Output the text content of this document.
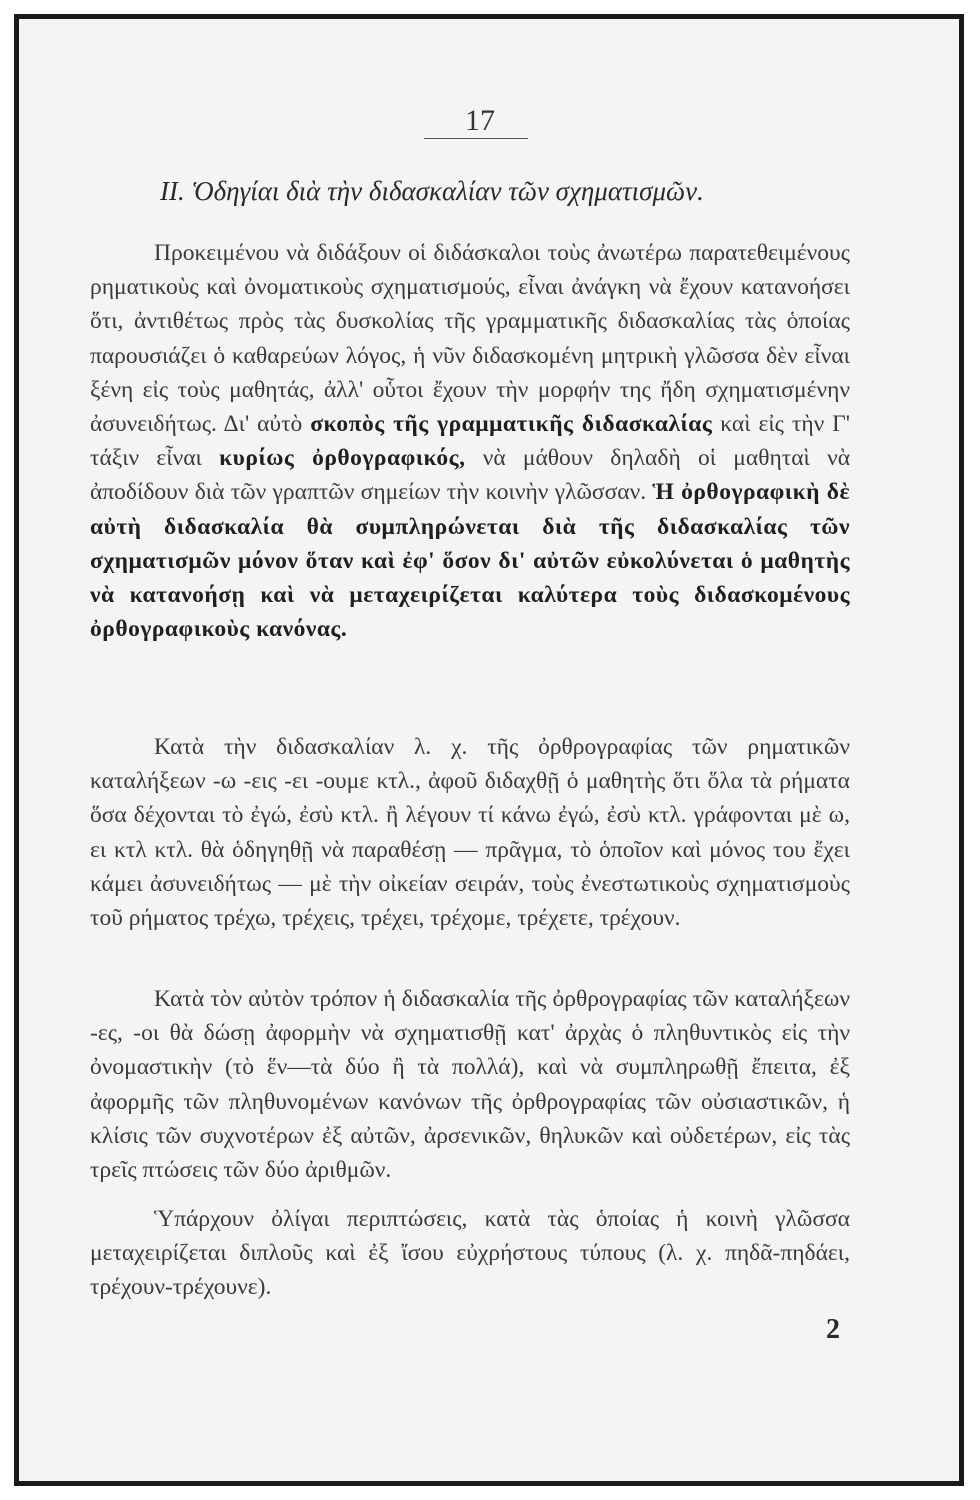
17
ΙΙ. Ὁδηγίαι διὰ τὴν διδασκαλίαν τῶν σχηματισμῶν.

Προκειμένου νὰ διδάξουν οἱ διδάσκαλοι τοὺς ἀνωτέρω παρατεθειμένους ρηματικοὺς καὶ ὀνοματικοὺς σχηματισμούς, εἶναι ἀνάγκη νὰ ἔχουν κατανοήσει ὅτι, ἀντιθέτως πρὸς τὰς δυσκολίας τῆς γραμματικῆς διδασκαλίας τὰς ὁποίας παρουσιάζει ὁ καθαρεύων λόγος, ἡ νῦν διδασκομένη μητρικὴ γλῶσσα δὲν εἶναι ξένη εἰς τοὺς μαθητάς, ἀλλ' οὗτοι ἔχουν τὴν μορφήν της ἤδη σχηματισμένην ἀσυνειδήτως. Δι' αὐτὸ σκοπὸς τῆς γραμματικῆς διδασκαλίας καὶ εἰς τὴν Γ' τάξιν εἶναι κυρίως ὀρθογραφικός, νὰ μάθουν δηλαδὴ οἱ μαθηταὶ νὰ ἀποδίδουν διὰ τῶν γραπτῶν σημείων τὴν κοινὴν γλῶσσαν. Ἡ ὀρθογραφικὴ δὲ αὐτὴ διδασκαλία θὰ συμπληρώνεται διὰ τῆς διδασκαλίας τῶν σχηματισμῶν μόνον ὅταν καὶ ἐφ' ὅσον δι' αὐτῶν εὐκολύνεται ὁ μαθητὴς νὰ κατανοήσῃ καὶ νὰ μεταχειρίζεται καλύτερα τοὺς διδασκομένους ὀρθογραφικοὺς κανόνας.

Κατὰ τὴν διδασκαλίαν λ. χ. τῆς ὀρθρογραφίας τῶν ρηματικῶν καταλήξεων -ω -εις -ει -ουμε κτλ., ἀφοῦ διδαχθῇ ὁ μαθητὴς ὅτι ὅλα τὰ ρήματα ὅσα δέχονται τὸ ἐγώ, ἐσὺ κτλ. ἢ λέγουν τί κάνω ἐγώ, ἐσὺ κτλ. γράφονται μὲ ω, ει κτλ κτλ. θὰ ὁδηγηθῇ νὰ παραθέσῃ — πρᾶγμα, τὸ ὁποῖον καὶ μόνος του ἔχει κάμει ἀσυνειδήτως — μὲ τὴν οἰκείαν σειράν, τοὺς ἐνεστωτικοὺς σχηματισμοὺς τοῦ ρήματος τρέχω, τρέχεις, τρέχει, τρέχομε, τρέχετε, τρέχουν.

Κατὰ τὸν αὐτὸν τρόπον ἡ διδασκαλία τῆς ὀρθρογραφίας τῶν καταλήξεων -ες, -οι θὰ δώσῃ ἀφορμὴν νὰ σχηματισθῇ κατ' ἀρχὰς ὁ πληθυντικὸς εἰς τὴν ὀνομαστικὴν (τὸ ἕν—τὰ δύο ἢ τὰ πολλά), καὶ νὰ συμπληρωθῇ ἔπειτα, ἐξ ἀφορμῆς τῶν πληθυνομένων κανόνων τῆς ὀρθρογραφίας τῶν οὐσιαστικῶν, ἡ κλίσις τῶν συχνοτέρων ἐξ αὐτῶν, ἀρσενικῶν, θηλυκῶν καὶ οὐδετέρων, εἰς τὰς τρεῖς πτώσεις τῶν δύο ἀριθμῶν.

Ὑπάρχουν ὀλίγαι περιπτώσεις, κατὰ τὰς ὁποίας ἡ κοινὴ γλῶσσα μεταχειρίζεται διπλοῦς καὶ ἐξ ἴσου εὐχρήστους τύπους (λ. χ. πηδᾶ-πηδάει, τρέχουν-τρέχουνε).

2
